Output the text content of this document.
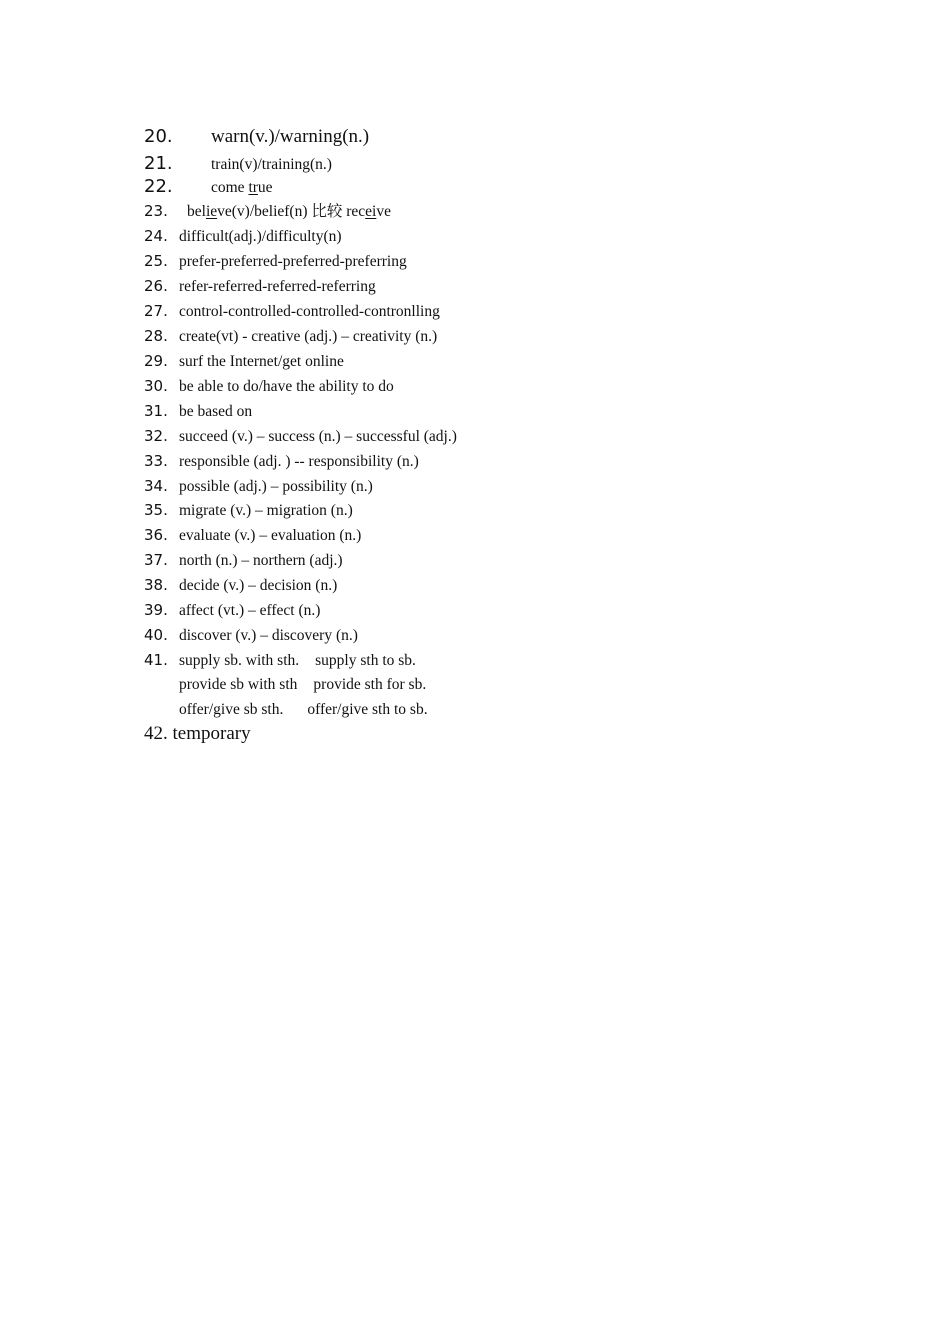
20. warn(v.)/warning(n.)
21. train(v)/training(n.)
22. come true
23. believe(v)/belief(n) 比较 receive
24. difficult(adj.)/difficulty(n)
25. prefer-preferred-preferred-preferring
26. refer-referred-referred-referring
27. control-controlled-controlled-contronlling
28. create(vt) - creative (adj.) – creativity (n.)
29. surf the Internet/get online
30. be able to do/have the ability to do
31. be based on
32. succeed (v.) – success (n.) – successful (adj.)
33. responsible (adj. ) -- responsibility (n.)
34. possible (adj.) – possibility (n.)
35. migrate (v.) – migration (n.)
36. evaluate (v.) – evaluation (n.)
37. north (n.) – northern (adj.)
38. decide (v.) – decision (n.)
39. affect (vt.) – effect (n.)
40. discover (v.) – discovery (n.)
41. supply sb. with sth. supply sth to sb.
provide sb with sth provide sth for sb.
offer/give sb sth. offer/give sth to sb.
42. temporary
